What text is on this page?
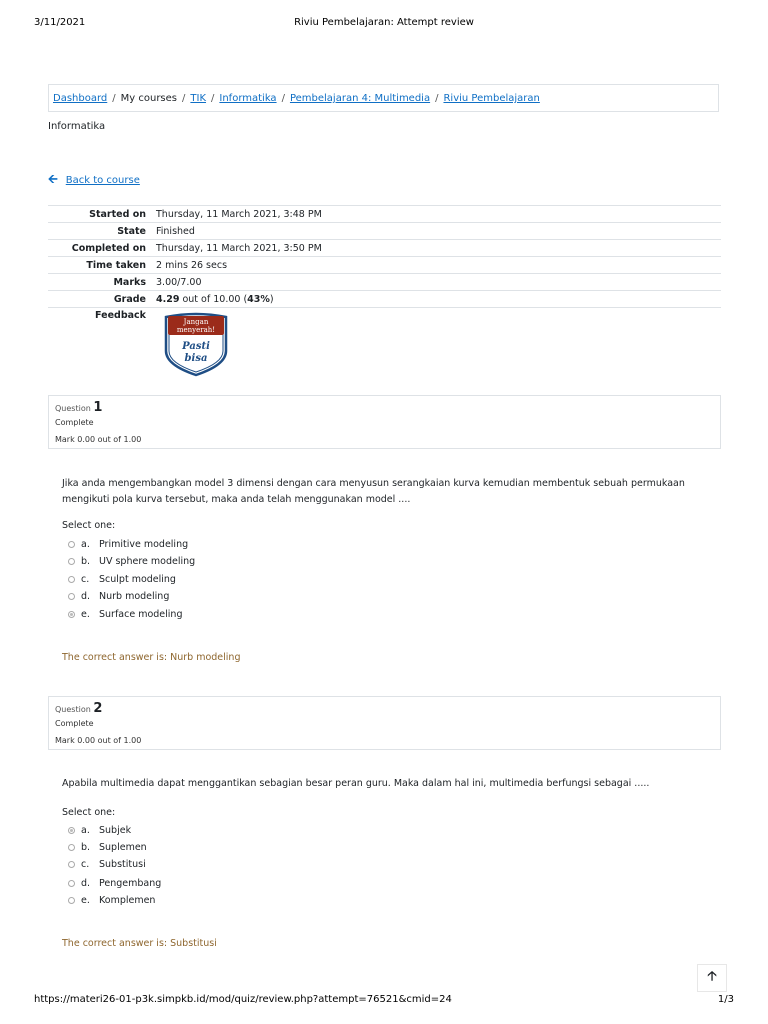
3/11/2021	Riviu Pembelajaran: Attempt review
Dashboard / My courses / TIK / Informatika / Pembelajaran 4: Multimedia / Riviu Pembelajaran
Informatika
🡨 Back to course
Started on	Thursday, 11 March 2021, 3:48 PM
State	Finished
Completed on	Thursday, 11 March 2021, 3:50 PM
Time taken	2 mins 26 secs
Marks	3.00/7.00
Grade	4.29 out of 10.00 (43%)
Feedback	Jangan
menyerah!
Pasti
bisa
Question 1
Complete
Mark 0.00 out of 1.00
Jika anda mengembangkan model 3 dimensi dengan cara menyusun serangkaian kurva kemudian membentuk sebuah permukaan mengikuti pola kurva tersebut, maka anda telah menggunakan model ....
Select one:
a. Primitive modeling
b. UV sphere modeling
c.	Sculpt modeling
d. Nurb modeling
e. Surface modeling
The correct answer is: Nurb modeling
Question 2
Complete
Mark 0.00 out of 1.00
Apabila multimedia dapat menggantikan sebagian besar peran guru. Maka dalam hal ini, multimedia berfungsi sebagai .....
Select one:
a. Subjek
b. Suplemen
c.	Substitusi
d. Pengembang
e. Komplemen
The correct answer is: Substitusi
🡡
https://materi26-01-p3k.simpkb.id/mod/quiz/review.php?attempt=76521&cmid=24	1/3
